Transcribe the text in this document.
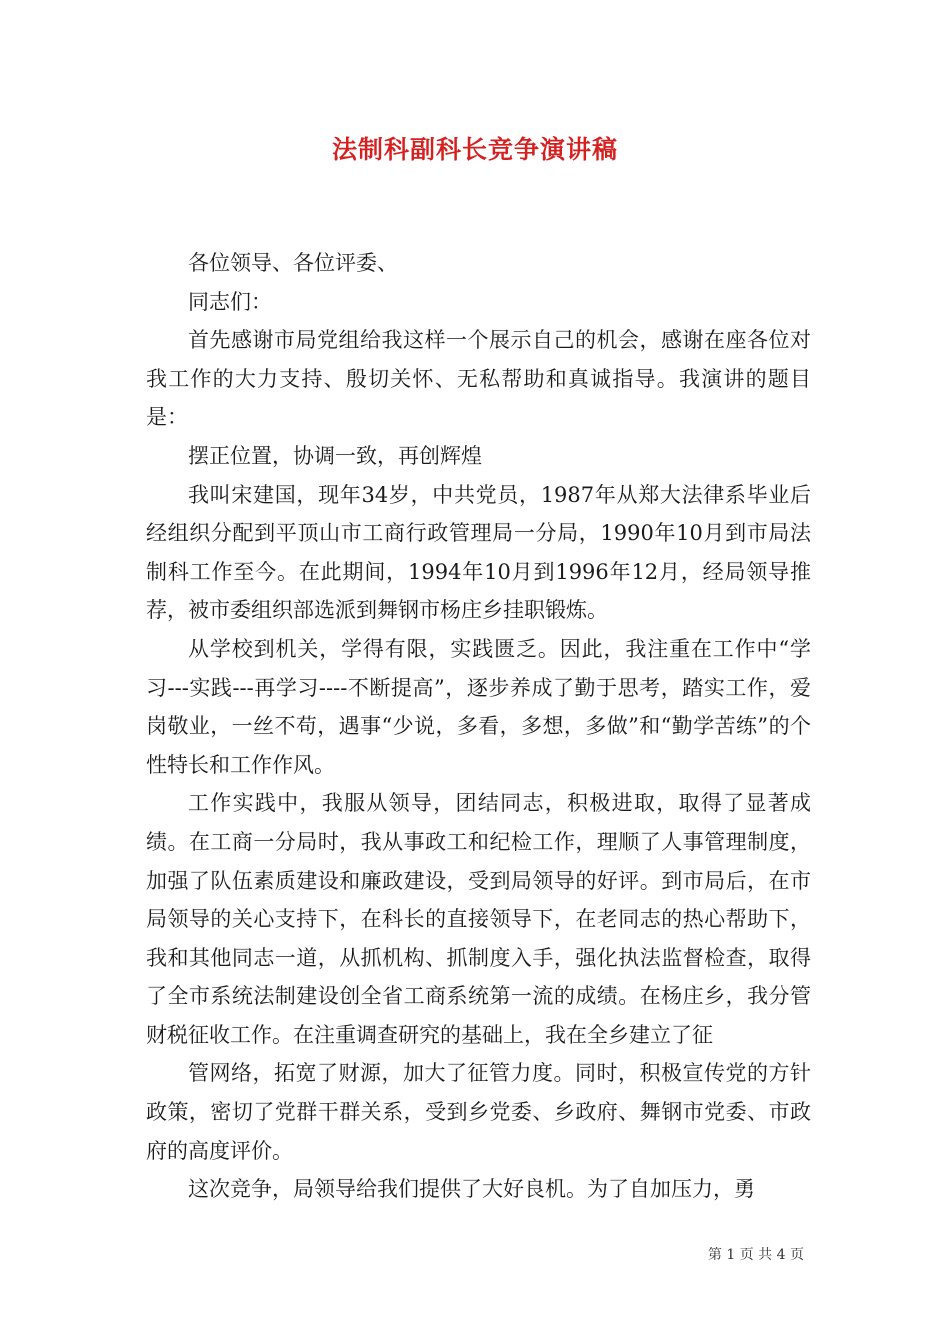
法制科副科长竞争演讲稿

各位领导、各位评委、

同志们：

首先感谢市局党组给我这样一个展示自己的机会，感谢在座各位对我工作的大力支持、殷切关怀、无私帮助和真诚指导。我演讲的题目是：

摆正位置，协调一致，再创辉煌

我叫宋建国，现年34岁，中共党员，1987年从郑大法律系毕业后经组织分配到平顶山市工商行政管理局一分局，1990年10月到市局法制科工作至今。在此期间，1994年10月到1996年12月，经局领导推荐，被市委组织部选派到舞钢市杨庄乡挂职锻炼。

从学校到机关，学得有限，实践匮乏。因此，我注重在工作中“学习---实践---再学习----不断提高”，逐步养成了勤于思考，踏实工作，爱岗敬业，一丝不苟，遇事“少说，多看，多想，多做”和“勤学苦练”的个性特长和工作作风。

工作实践中，我服从领导，团结同志，积极进取，取得了显著成绩。在工商一分局时，我从事政工和纪检工作，理顺了人事管理制度，加强了队伍素质建设和廉政建设，受到局领导的好评。到市局后，在市局领导的关心支持下，在科长的直接领导下，在老同志的热心帮助下，我和其他同志一道，从抓机构、抓制度入手，强化执法监督检查，取得了全市系统法制建设创全省工商系统第一流的成绩。在杨庄乡，我分管财税征收工作。在注重调查研究的基础上，我在全乡建立了征

管网络，拓宽了财源，加大了征管力度。同时，积极宣传党的方针政策，密切了党群干群关系，受到乡党委、乡政府、舞钢市党委、市政府的高度评价。

这次竞争，局领导给我们提供了大好良机。为了自加压力，勇

第 1 页 共 4 页
